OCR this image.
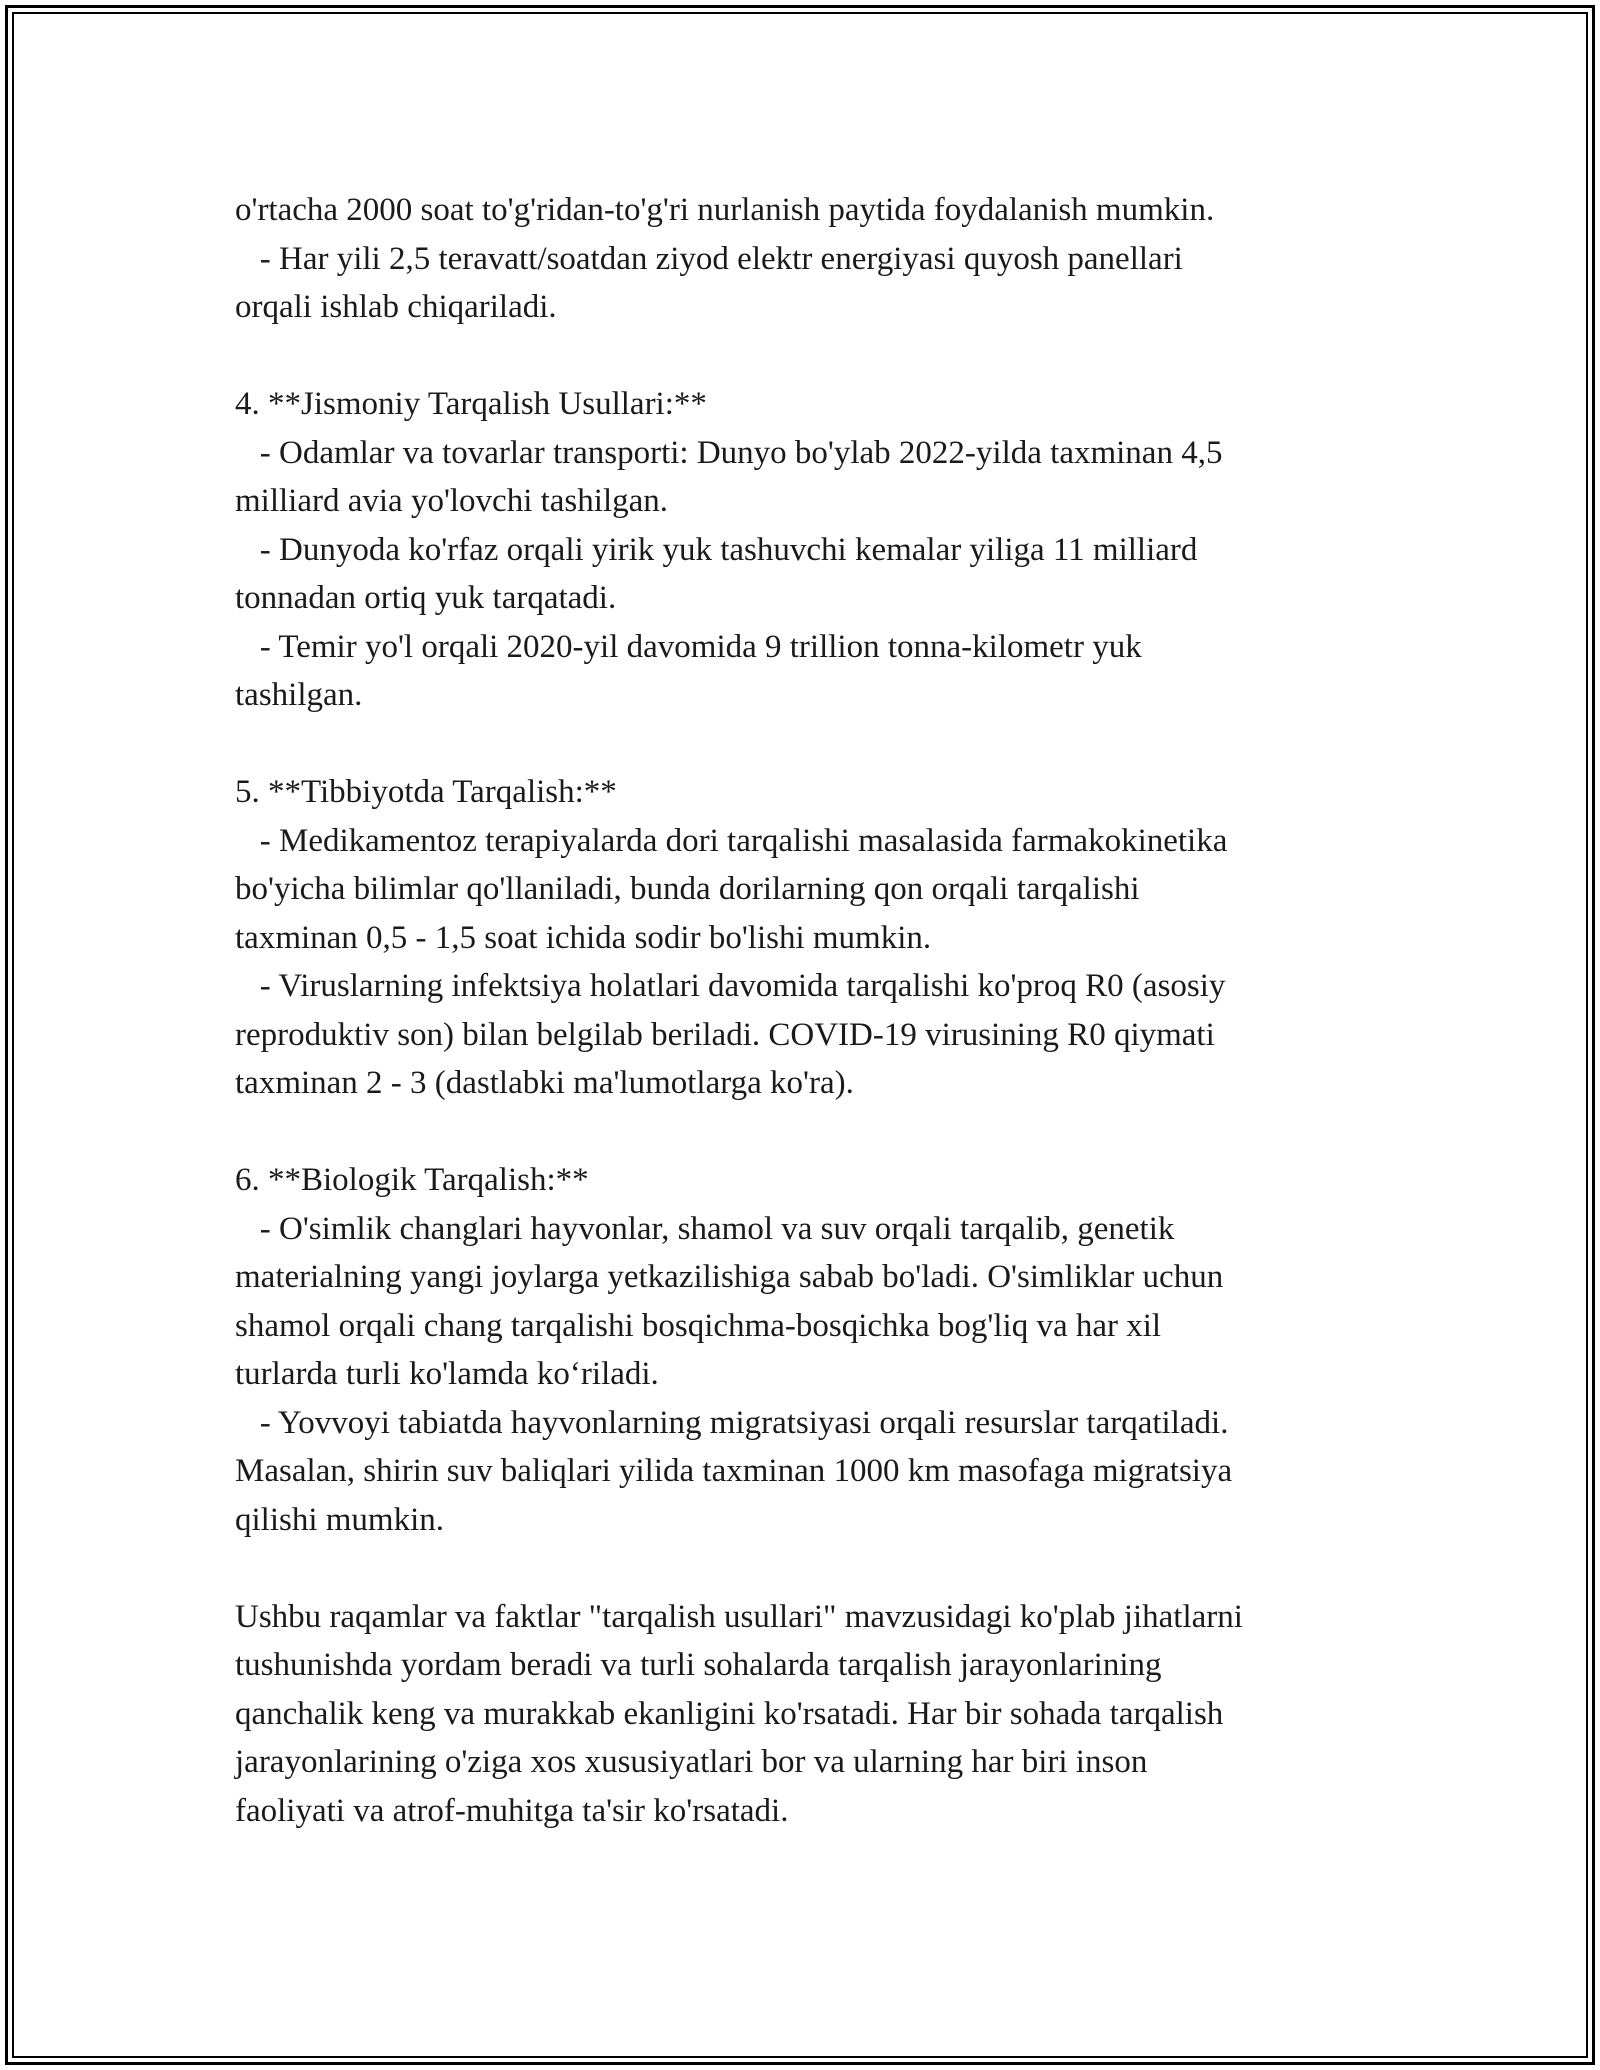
o'rtacha 2000 soat to'g'ridan-to'g'ri nurlanish paytida foydalanish mumkin.
- Har yili 2,5 teravatt/soatdan ziyod elektr energiyasi quyosh panellari
orqali ishlab chiqariladi.
4. **Jismoniy Tarqalish Usullari:**
- Odamlar va tovarlar transporti: Dunyo bo'ylab 2022-yilda taxminan 4,5
milliard avia yo'lovchi tashilgan.
- Dunyoda ko'rfaz orqali yirik yuk tashuvchi kemalar yiliga 11 milliard
tonnadan ortiq yuk tarqatadi.
- Temir yo'l orqali 2020-yil davomida 9 trillion tonna-kilometr yuk
tashilgan.
5. **Tibbiyotda Tarqalish:**
- Medikamentoz terapiyalarda dori tarqalishi masalasida farmakokinetika
bo'yicha bilimlar qo'llaniladi, bunda dorilarning qon orqali tarqalishi
taxminan 0,5 - 1,5 soat ichida sodir bo'lishi mumkin.
- Viruslarning infektsiya holatlari davomida tarqalishi ko'proq R0 (asosiy
reproduktiv son) bilan belgilab beriladi. COVID-19 virusining R0 qiymati
taxminan 2 - 3 (dastlabki ma'lumotlarga ko'ra).
6. **Biologik Tarqalish:**
- O'simlik changlari hayvonlar, shamol va suv orqali tarqalib, genetik
materialning yangi joylarga yetkazilishiga sabab bo'ladi. O'simliklar uchun
shamol orqali chang tarqalishi bosqichma-bosqichka bog'liq va har xil
turlarda turli ko'lamda ko‘riladi.
- Yovvoyi tabiatda hayvonlarning migratsiyasi orqali resurslar tarqatiladi.
Masalan, shirin suv baliqlari yilida taxminan 1000 km masofaga migratsiya
qilishi mumkin.
Ushbu raqamlar va faktlar "tarqalish usullari" mavzusidagi ko'plab jihatlarni
tushunishda yordam beradi va turli sohalarda tarqalish jarayonlarining
qanchalik keng va murakkab ekanligini ko'rsatadi. Har bir sohada tarqalish
jarayonlarining o'ziga xos xususiyatlari bor va ularning har biri inson
faoliyati va atrof-muhitga ta'sir ko'rsatadi.
